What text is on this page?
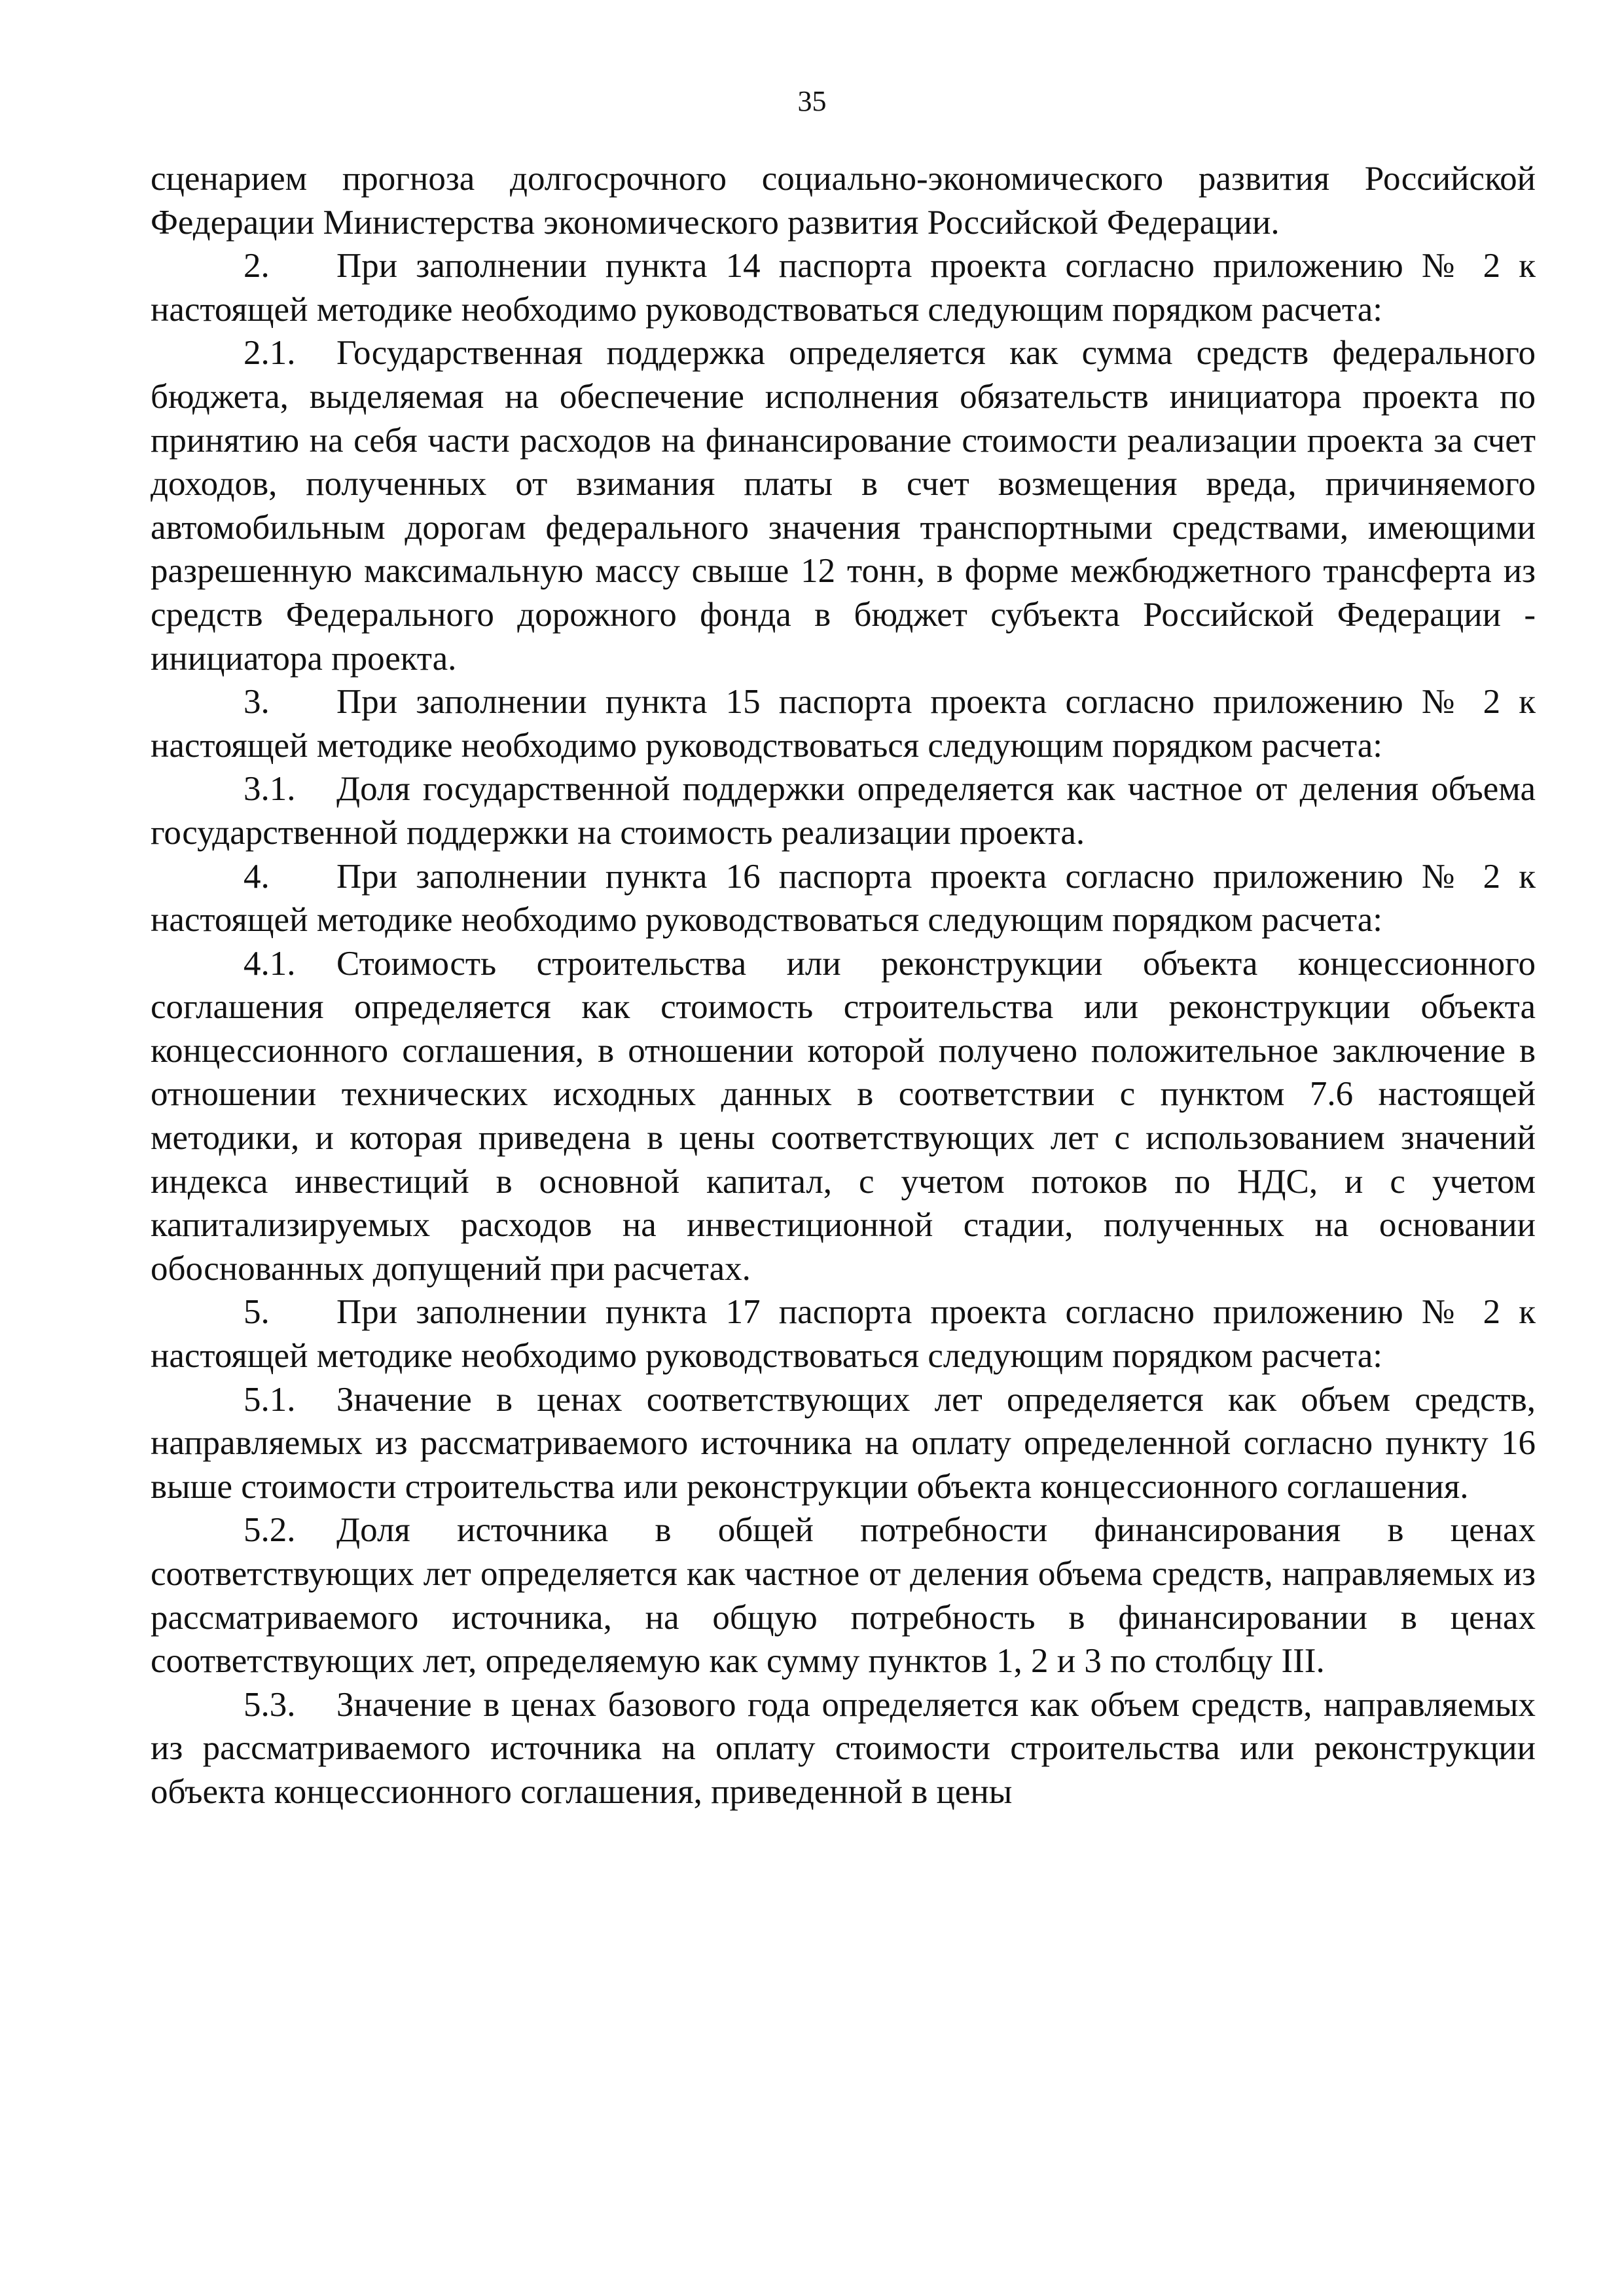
35

сценарием прогноза долгосрочного социально-экономического развития Российской Федерации Министерства экономического развития Российской Федерации.

2. При заполнении пункта 14 паспорта проекта согласно приложению № 2 к настоящей методике необходимо руководствоваться следующим порядком расчета:

2.1. Государственная поддержка определяется как сумма средств федерального бюджета, выделяемая на обеспечение исполнения обязательств инициатора проекта по принятию на себя части расходов на финансирование стоимости реализации проекта за счет доходов, полученных от взимания платы в счет возмещения вреда, причиняемого автомобильным дорогам федерального значения транспортными средствами, имеющими разрешенную максимальную массу свыше 12 тонн, в форме межбюджетного трансферта из средств Федерального дорожного фонда в бюджет субъекта Российской Федерации - инициатора проекта.

3. При заполнении пункта 15 паспорта проекта согласно приложению № 2 к настоящей методике необходимо руководствоваться следующим порядком расчета:

3.1. Доля государственной поддержки определяется как частное от деления объема государственной поддержки на стоимость реализации проекта.

4. При заполнении пункта 16 паспорта проекта согласно приложению № 2 к настоящей методике необходимо руководствоваться следующим порядком расчета:

4.1. Стоимость строительства или реконструкции объекта концессионного соглашения определяется как стоимость строительства или реконструкции объекта концессионного соглашения, в отношении которой получено положительное заключение в отношении технических исходных данных в соответствии с пунктом 7.6 настоящей методики, и которая приведена в цены соответствующих лет с использованием значений индекса инвестиций в основной капитал, с учетом потоков по НДС, и с учетом капитализируемых расходов на инвестиционной стадии, полученных на основании обоснованных допущений при расчетах.

5. При заполнении пункта 17 паспорта проекта согласно приложению № 2 к настоящей методике необходимо руководствоваться следующим порядком расчета:

5.1. Значение в ценах соответствующих лет определяется как объем средств, направляемых из рассматриваемого источника на оплату определенной согласно пункту 16 выше стоимости строительства или реконструкции объекта концессионного соглашения.

5.2. Доля источника в общей потребности финансирования в ценах соответствующих лет определяется как частное от деления объема средств, направляемых из рассматриваемого источника, на общую потребность в финансировании в ценах соответствующих лет, определяемую как сумму пунктов 1, 2 и 3 по столбцу III.

5.3. Значение в ценах базового года определяется как объем средств, направляемых из рассматриваемого источника на оплату стоимости строительства или реконструкции объекта концессионного соглашения, приведенной в цены
